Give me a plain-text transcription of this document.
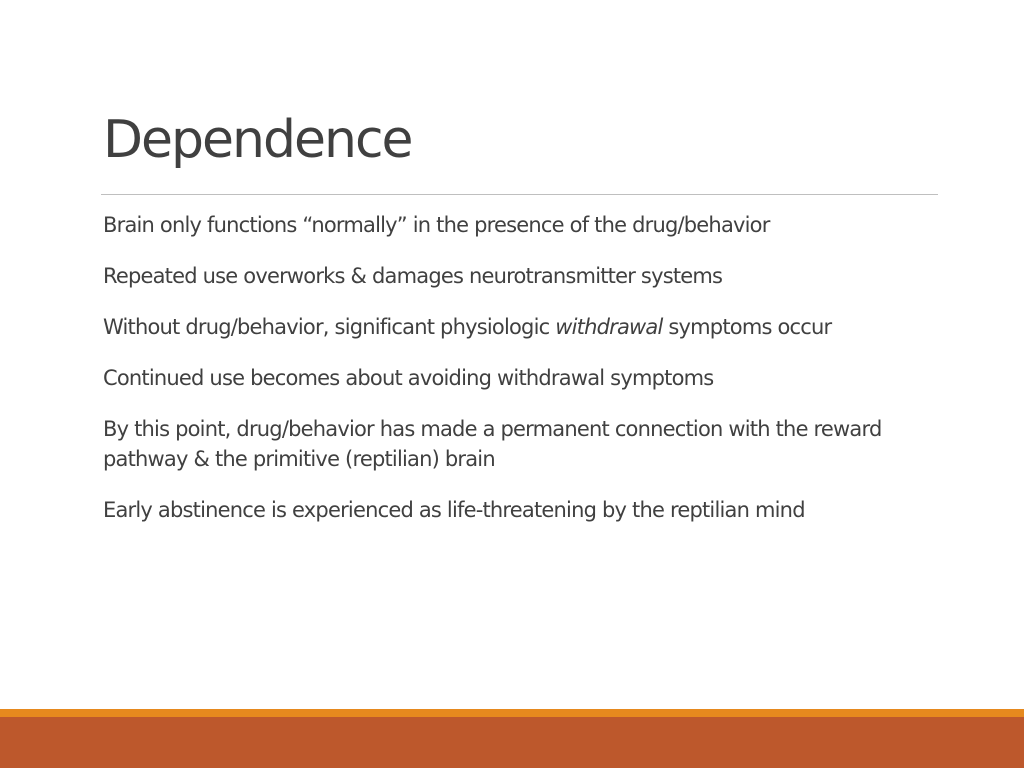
Dependence
Brain only functions “normally” in the presence of the drug/behavior
Repeated use overworks & damages neurotransmitter systems
Without drug/behavior, significant physiologic withdrawal symptoms occur
Continued use becomes about avoiding withdrawal symptoms
By this point, drug/behavior has made a permanent connection with the reward pathway & the primitive (reptilian) brain
Early abstinence is experienced as life-threatening by the reptilian mind
